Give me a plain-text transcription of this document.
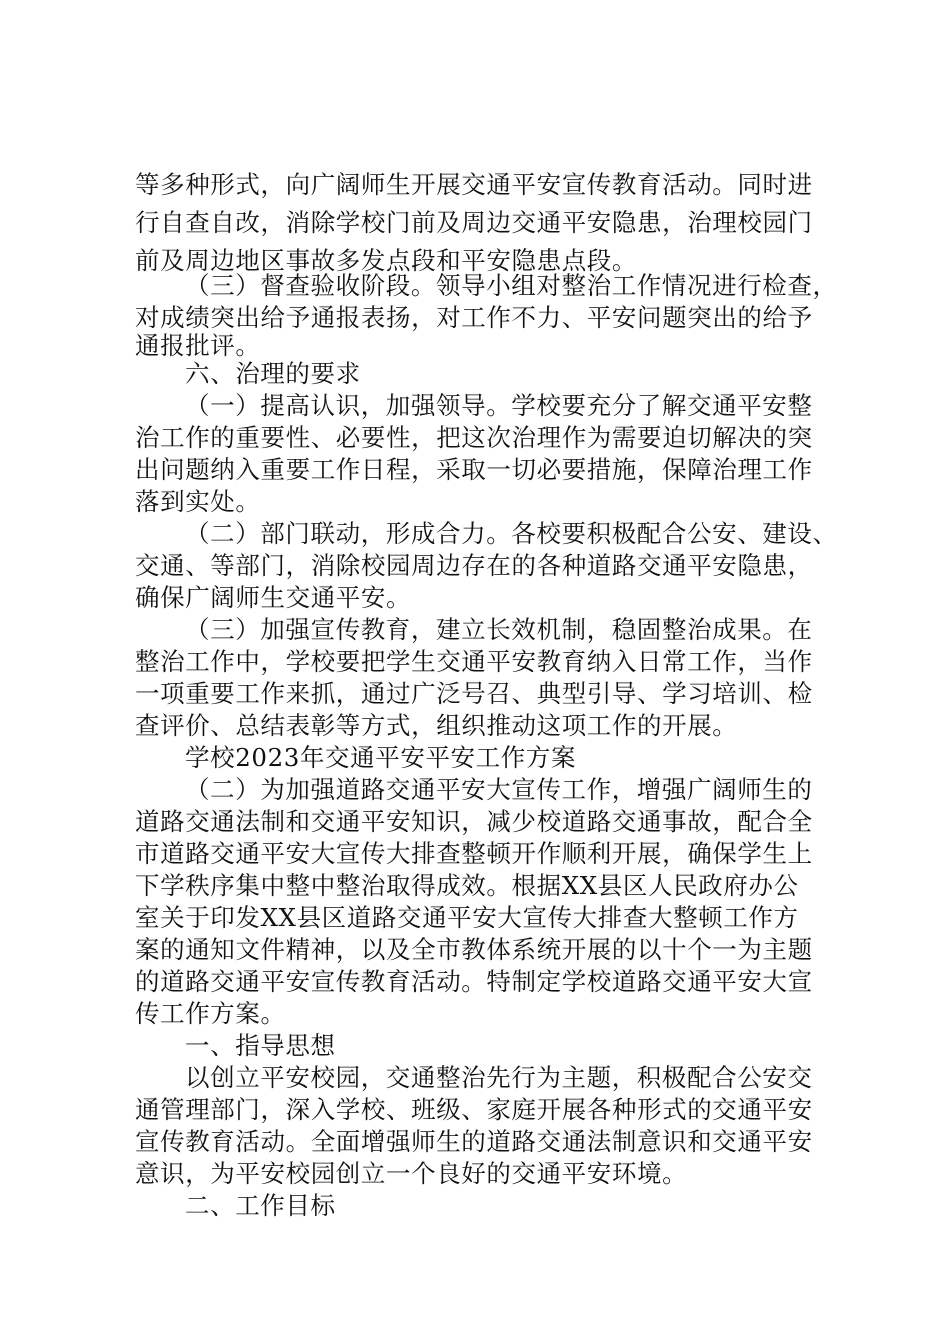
等多种形式，向广阔师生开展交通平安宣传教育活动。同时进
行自查自改，消除学校门前及周边交通平安隐患，治理校园门
前及周边地区事故多发点段和平安隐患点段。
（三）督查验收阶段。领导小组对整治工作情况进行检查，
对成绩突出给予通报表扬，对工作不力、平安问题突出的给予
通报批评。
六、治理的要求
（一）提高认识，加强领导。学校要充分了解交通平安整
治工作的重要性、必要性，把这次治理作为需要迫切解决的突
出问题纳入重要工作日程，采取一切必要措施，保障治理工作
落到实处。
（二）部门联动，形成合力。各校要积极配合公安、建设、
交通、等部门，消除校园周边存在的各种道路交通平安隐患，
确保广阔师生交通平安。
（三）加强宣传教育，建立长效机制，稳固整治成果。在
整治工作中，学校要把学生交通平安教育纳入日常工作，当作
一项重要工作来抓，通过广泛号召、典型引导、学习培训、检
查评价、总结表彰等方式，组织推动这项工作的开展。
学校2023年交通平安平安工作方案
（二）为加强道路交通平安大宣传工作，增强广阔师生的
道路交通法制和交通平安知识，减少校道路交通事故，配合全
市道路交通平安大宣传大排查整顿开作顺利开展，确保学生上
下学秩序集中整中整治取得成效。根据XX县区人民政府办公
室关于印发XX县区道路交通平安大宣传大排查大整顿工作方
案的通知文件精神，以及全市教体系统开展的以十个一为主题
的道路交通平安宣传教育活动。特制定学校道路交通平安大宣
传工作方案。
一、指导思想
以创立平安校园，交通整治先行为主题，积极配合公安交
通管理部门，深入学校、班级、家庭开展各种形式的交通平安
宣传教育活动。全面增强师生的道路交通法制意识和交通平安
意识，为平安校园创立一个良好的交通平安环境。
二、工作目标
